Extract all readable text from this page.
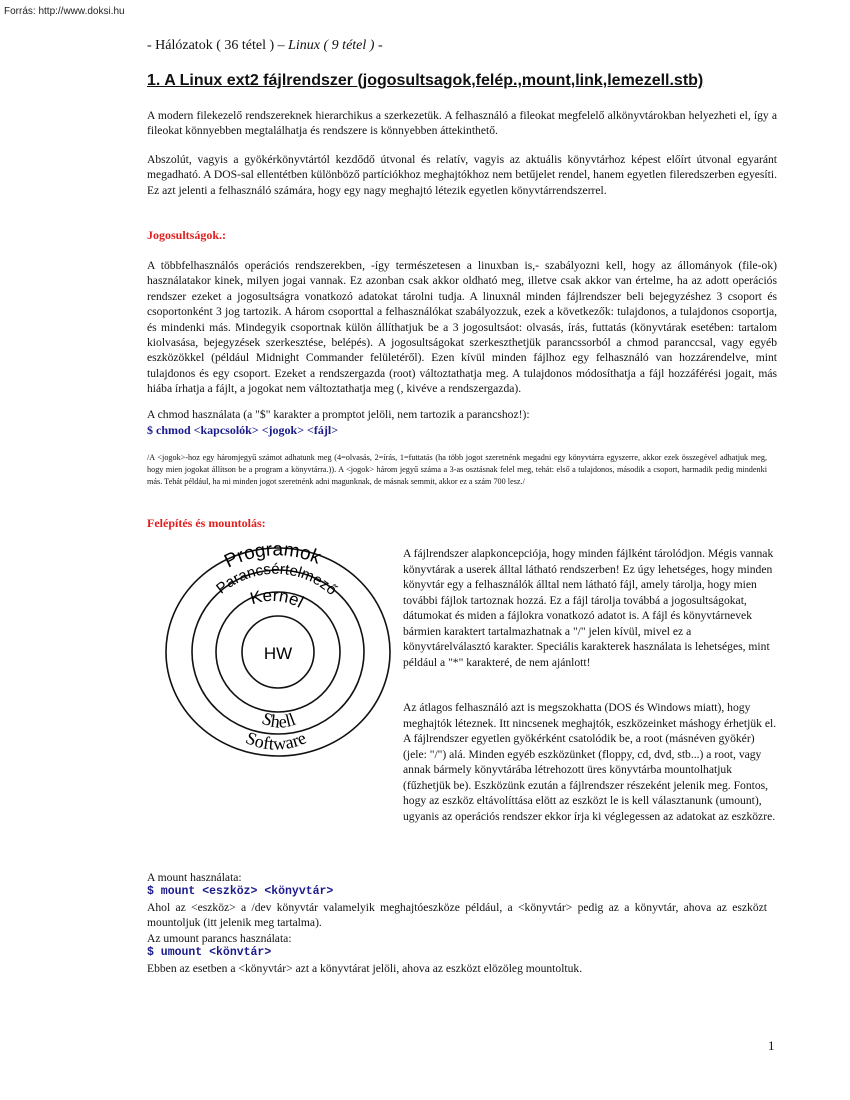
Forrás: http://www.doksi.hu
- Hálózatok ( 36 tétel ) – Linux ( 9 tétel ) -
1. A Linux ext2 fájlrendszer (jogosultsagok,felép.,mount,link,lemezell.stb)

A modern filekezelő rendszereknek hierarchikus a szerkezetük. A felhasználó a fileokat megfelelő alkönyvtárokban helyezheti el, így a fileokat könnyebben megtalálhatja és rendszere is könnyebben áttekinthető.

Abszolút, vagyis a gyökérkönyvtártól kezdődő útvonal és relatív, vagyis az aktuális könyvtárhoz képest előírt útvonal egyaránt megadható. A DOS-sal ellentétben különböző partíciókhoz meghajtókhoz nem betűjelet rendel, hanem egyetlen fileredszerben egyesíti. Ez azt jelenti a felhasználó számára, hogy egy nagy meghajtó létezik egyetlen könyvtárrendszerrel.

Jogosultságok.:

A többfelhasználós operációs rendszerekben, -így természetesen a linuxban is,- szabályozni kell, hogy az állományok (file-ok) használatakor kinek, milyen jogai vannak. Ez azonban csak akkor oldható meg, illetve csak akkor van értelme, ha az adott operációs rendszer ezeket a jogosultságra vonatkozó adatokat tárolni tudja. A linuxnál minden fájlrendszer beli bejegyzéshez 3 csoport és csoportonként 3 jog tartozik. A három csoporttal a felhasználókat szabályozzuk, ezek a következők: tulajdonos, a tulajdonos csoportja, és mindenki más. Mindegyik csoportnak külön állíthatjuk be a 3 jogosultsáot: olvasás, írás, futtatás (könyvtárak esetében: tartalom kiolvasása, bejegyzések szerkesztése, belépés). A jogosultságokat szerkeszthetjük parancssorból a chmod paranccsal, vagy egyéb eszközökkel (például Midnight Commander felületéről). Ezen kívül minden fájlhoz egy felhasználó van hozzárendelve, mint tulajdonos és egy csoport. Ezeket a rendszergazda (root) változtathatja meg. A tulajdonos módosíthatja a fájl hozzáférési jogait, más hiába írhatja a fájlt, a jogokat nem változtathatja meg (, kivéve a rendszergazda).

A chmod használata (a "$" karakter a promptot jelöli, nem tartozik a parancshoz!):

$ chmod <kapcsolók> <jogok> <fájl>

/A <jogok>-hoz egy háromjegyű számot adhatunk meg (4=olvasás, 2=írás, 1=futtatás (ha több jogot szeretnénk megadni egy könyvtárra egyszerre, akkor ezek összegével adhatjuk meg, hogy mien jogokat állítson be a program a könyvtárra.)). A <jogok> három jegyű száma a 3-as osztásnak felel meg, tehát: első a tulajdonos, második a csoport, harmadik pedig mindenki más. Tehát például, ha mi minden jogot szeretnénk adni magunknak, de másnak semmit, akkor ez a szám 700 lesz./

Felépítés és mountolás:
Programok
Parancsértelmező
Kernel
HW
Shell
Software

A fájlrendszer alapkoncepciója, hogy minden fájlként tárolódjon. Mégis vannak könyvtárak a userek álltal látható rendszerben! Ez úgy lehetséges, hogy minden könyvtár egy a felhasználók álltal nem látható fájl, amely tárolja, hogy mien további fájlok tartoznak hozzá. Ez a fájl tárolja továbbá a jogosultságokat, dátumokat és miden a fájlokra vonatkozó adatot is. A fájl és könyvtárnevek bármien karaktert tartalmazhatnak a "/" jelen kívül, mivel ez a könyvtárelválasztó karakter. Speciális karakterek használata is lehetséges, mint például a "*" karakteré, de nem ajánlott!

Az átlagos felhasználó azt is megszokhatta (DOS és Windows miatt), hogy meghajtók léteznek. Itt nincsenek meghajtók, eszközeinket máshogy érhetjük el. A fájlrendszer egyetlen gyökérként csatolódik be, a root (másnéven gyökér) (jele: "/") alá. Minden egyéb eszközünket (floppy, cd, dvd, stb...) a root, vagy annak bármely könyvtárába létrehozott üres könyvtárba mountolhatjuk (fűzhetjük be). Eszközünk ezután a fájlrendszer részeként jelenik meg. Fontos, hogy az eszköz eltávolíttása elött az eszközt le is kell választanunk (umount), ugyanis az operációs rendszer ekkor írja ki véglegessen az adatokat az eszközre.

A mount használata:

$ mount <eszköz> <könyvtár>

Ahol az <eszköz> a /dev könyvtár valamelyik meghajtóeszköze például, a <könyvtár> pedig az a könyvtár, ahova az eszközt mountoljuk (itt jelenik meg tartalma).

Az umount parancs használata:

$ umount <könvtár>

Ebben az esetben a <könyvtár> azt a könyvtárat jelöli, ahova az eszközt elözöleg mountoltuk.

1
